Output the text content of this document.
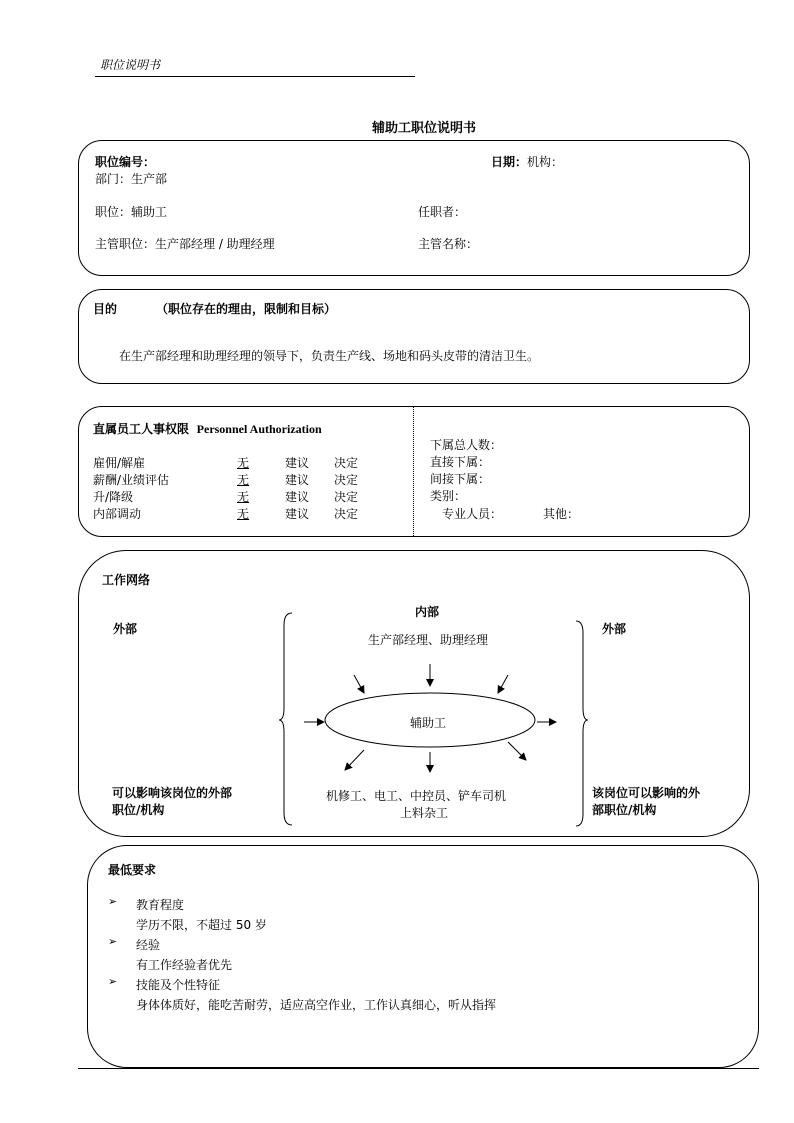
职位说明书
辅助工职位说明书
职位编号：	日期：机构：
部门：生产部
职位：辅助工	任职者：
主管职位：生产部经理 / 助理经理	主管名称：
目的	（职位存在的理由，限制和目标）
在生产部经理和助理经理的领导下，负责生产线、场地和码头皮带的清洁卫生。
直属员工人事权限 Personnel Authorization
雇佣/解雇	无	建议 决定
薪酬/业绩评估	无	建议 决定
升/降级	无	建议 决定
内部调动	无	建议 决定
下属总人数：
直接下属：
间接下属：
类别：
专业人员：	其他：
工作网络
外部
内部
外部
生产部经理、助理经理
辅助工
机修工、电工、中控员、铲车司机
上料杂工
可以影响该岗位的外部
职位/机构
该岗位可以影响的外
部职位/机构
最低要求
➢ 教育程度
学历不限，不超过 50 岁
➢ 经验
有工作经验者优先
➢ 技能及个性特征
身体体质好，能吃苦耐劳，适应高空作业，工作认真细心，听从指挥
